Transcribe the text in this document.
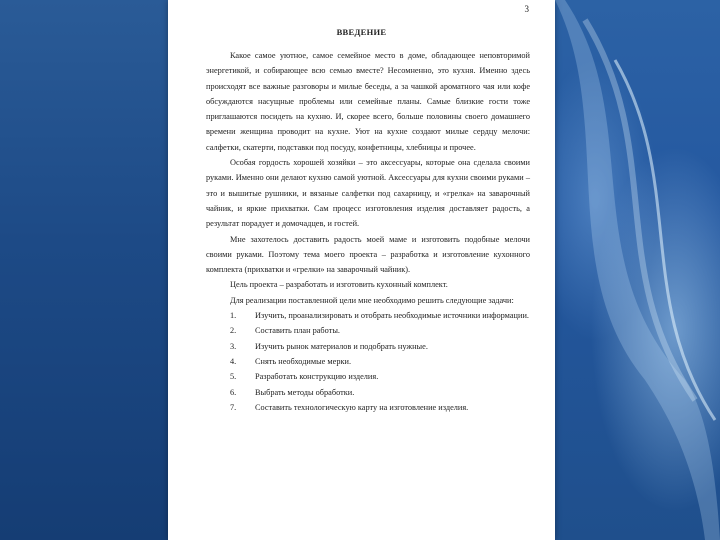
3
ВВЕДЕНИЕ

Какое самое уютное, самое семейное место в доме, обладающее неповторимой энергетикой, и собирающее всю семью вместе? Несомненно, это кухня. Именно здесь происходят все важные разговоры и милые беседы, а за чашкой ароматного чая или кофе обсуждаются насущные проблемы или семейные планы. Самые близкие гости тоже приглашаются посидеть на кухню. И, скорее всего, больше половины своего домашнего времени женщина проводит на кухне. Уют на кухне создают милые сердцу мелочи: салфетки, скатерти, подставки под посуду, конфетницы, хлебницы и прочее.

Особая гордость хорошей хозяйки – это аксессуары, которые она сделала своими руками. Именно они делают кухню самой уютной. Аксессуары для кухни своими руками – это и вышитые рушники, и вязаные салфетки под сахарницу, и «грелка» на заварочный чайник, и яркие прихватки. Сам процесс изготовления изделия доставляет радость, а результат порадует и домочадцев, и гостей.

Мне захотелось доставить радость моей маме и изготовить подобные мелочи своими руками. Поэтому тема моего проекта – разработка и изготовление кухонного комплекта (прихватки и «грелки» на заварочный чайник).

Цель проекта – разработать и изготовить кухонный комплект.

Для реализации поставленной цели мне необходимо решить следующие задачи:

1.	Изучить, проанализировать и отобрать необходимые источники информации.
2.	Составить план работы.
3.	Изучить рынок материалов и подобрать нужные.
4.	Снять необходимые мерки.
5.	Разработать конструкцию изделия.
6.	Выбрать методы обработки.
7.	Составить технологическую карту на изготовление изделия.
